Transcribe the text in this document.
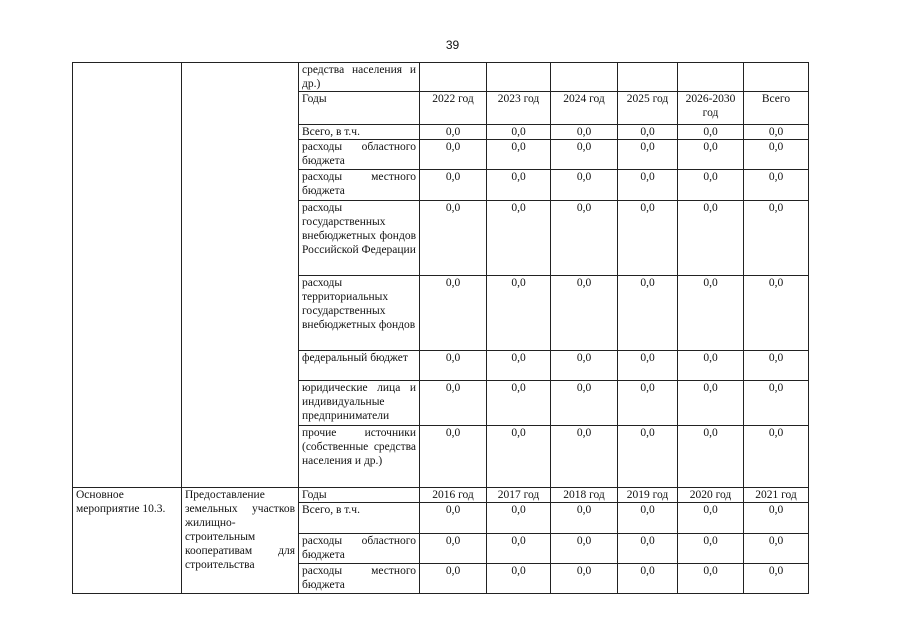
39
		средства населения и др.)						
		Годы	2022 год	2023 год	2024 год	2025 год	2026-2030 год	Всего
		Всего, в т.ч.	0,0	0,0	0,0	0,0	0,0	0,0
		расходы областного бюджета	0,0	0,0	0,0	0,0	0,0	0,0
		расходы местного бюджета	0,0	0,0	0,0	0,0	0,0	0,0
		расходы государственных внебюджетных фондов Российской Федерации	0,0	0,0	0,0	0,0	0,0	0,0
		расходы территориальных государственных внебюджетных фондов	0,0	0,0	0,0	0,0	0,0	0,0
		федеральный бюджет	0,0	0,0	0,0	0,0	0,0	0,0
		юридические лица и индивидуальные предприниматели	0,0	0,0	0,0	0,0	0,0	0,0
		прочие источники (собственные средства населения и др.)	0,0	0,0	0,0	0,0	0,0	0,0
Основное мероприятие 10.3.	Предоставление земельных участков жилищно-строительным кооперативам для строительства	Годы	2016 год	2017 год	2018 год	2019 год	2020 год	2021 год
		Всего, в т.ч.	0,0	0,0	0,0	0,0	0,0	0,0
		расходы областного бюджета	0,0	0,0	0,0	0,0	0,0	0,0
		расходы местного бюджета	0,0	0,0	0,0	0,0	0,0	0,0
